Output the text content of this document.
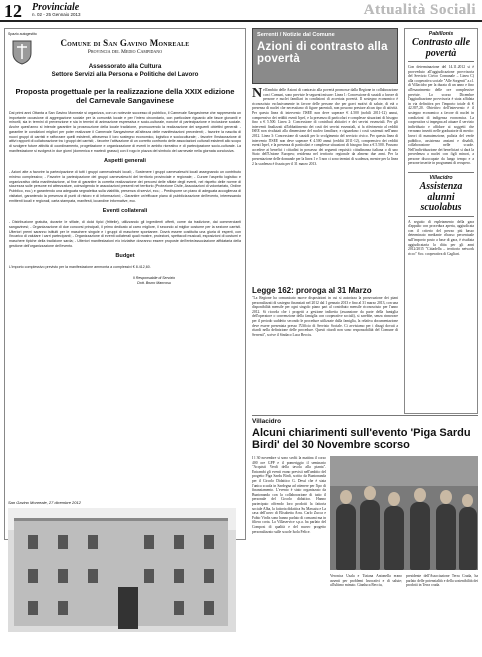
12 Provinciale
n. 02 - 25 Gennaio 2013	Attualità Sociali
Spazio autogestito
Comune di San Gavino Monreale
Provincia del Medio Campidano
Assessorato alla Cultura
Settore Servizi alla Persona e Politiche del Lavoro
Proposta progettuale per la realizzazione della XXIX edizione del Carnevale Sangavinese
Dai primi anni Ottanta a San Gavino Monreale si organizza, con un notevole successo di pubblico, il Carnevale Sangavinese che rappresenta un importante occasione di aggregazione sociale per la comunità locale e per l'intero circondario, con particolare riguardo alle fasce giovanili e minorili, sia in termini di prevenzione e sia in termini di animazione espressiva e socio-culturale, nonché di partecipazione e inclusione sociale. Anche quest'anno si intende garantire la prosecuzione della locale tradizione, promuovendo la realizzazione dei seguenti obiettivi generali: - garantire le condizioni migliori per poter realizzare il Carnevale Sangavinese all'altezza delle manifestazioni precedenti; - favorire la nascita di nuovi gruppi di carristi e rafforzare quelli esistenti, attraverso il loro sostegno economico, logistico e socioculturale; - favorire l'instaurazione di attivi rapporti di collaborazione tra i gruppi dei carristi; - favorire l'attivazione di un corretto confronto delle associazioni culturali esistenti allo scopo di svolgere future attività di coordinamento, progettazione e organizzazione di eventi in ambito ricreativo e di partecipazione socio-culturale. La manifestazione si svolgerà in due giorni (domenica e martedì grasso) con il rogo in piazza del simbolo del carnevale nella giornata conclusiva.
Aspetti generali
- Azioni atte a favorire la partecipazione di tutti i gruppi carnevaleschi locali; - Sostenere i gruppi carnevaleschi locali assegnando un contributo minimo complessivo; - Favorire la partecipazione dei gruppi carnevaleschi del territorio provinciale e regionale; - Curare l'aspetto logistico e organizzativo della manifestazione, al fine di garantire la corretta realizzazione dei percorsi delle sfilate degli eventi, nel rispetto delle norme di sicurezza sulle persone ed attrezzature, coinvolgendo le associazioni presenti nel territorio (Protezione Civile, Associazioni di volontariato, Ordine Pubblico, ecc.) e garantendo una adeguata segnaletica sulla viabilità, presenza di servizi, ecc.; - Predisporre un piano di adeguata accoglienza di visitatori, garantendo la presenza di punti di ristoro e di informazioni; - Garantire un'efficace piano di pubblicizzazione dell'evento, interessando emittenti locali e regionali, carta stampata, manifesti, locandine informative, ecc.
Eventi collaterali
- Distribuzione gratuita, durante le sfilate, di dolci tipici (frittelle), utilizzando gli ingredienti offerti, come da tradizione, dai commercianti sangavinesi; - Organizzazione di due concorsi principali, il primo dedicato al carro migliore, il secondo al miglior costume per la sezione carristi. Ulteriori premi saranno istituiti per le maschere singole e i gruppi di maschere spontanee. Dovrà essere costituita una giuria di esperti, con l'incarico di valutare i carri partecipanti; - Organizzazione di eventi collaterali quali mostre, proiezioni, spettacoli musicali, esposizioni di costumi e maschere tipiche della tradizione sarda; - Ulteriori manifestazioni e/o iniziative dovranno essere proposte dell'ente/associazione affidataria della gestione dell'organizzazione dell'evento.
Budget
L'importo complessivo previsto per la manifestazione ammonta a complessivi € 8.412,60.
Il Responsabile di Servizio
Dott. Bruno Mancosu
San Gavino Monreale, 27 dicembre 2012
Serrenti / Notizie dal Comune
Azioni di contrasto alla povertà
Nell'ambito delle Azioni di contrasto alla povertà promosse dalla Regione in collaborazione con i Comuni, sono previste le seguenti misure: Linea 1: Concessione di sussidi a favore di persone e nuclei familiari in condizioni di accertata povertà. Il sostegno economico è riconosciuto esclusivamente in favore delle persone che per gravi motivi di salute, di età o presenza di nuclei che necessitano di figure parentali, non possono prestare alcun tipo di attività. Per questa linea di intervento l'ISEE non deve superare € 4.500 (nobili 2011-12) annui, comprensivo dei redditi esenti Irpef, e la presenza di particolari e complesse situazioni di bisogno fino a € 5.500. Linea 2: Concessione di contributi abitativi e dei servizi essenziali. Per gli interventi finalizzati all'abbattimento dei costi dei servizi essenziali, si fa riferimento al redditi ISEE non rivalutati alla dimensione del nucleo familiare, e riguardano i costi sostenuti nell'anno 2012. Linea 3: Concessione di sussidi per lo svolgimento del servizio civico. Per questa linea di intervento l'ISEE non deve superare € 4.500 annui (redditi 2011-12), comprensivo dei redditi esenti Irpef, e la presenza di particolari e complesse situazioni di bisogno fino a € 5.500. Possono accedere ai benefici i cittadini in possesso dei seguenti requisiti: cittadinanza italiana o di uno Stato dell'Unione Europea; residenza nel territorio regionale da almeno due anni. Per la presentazione delle domande per la linea 1 e 3 non ci sono termini di scadenza, mentre per la linea 2 la scadenza è fissata per il 31 marzo 2013.
Legge 162: proroga al 31 Marzo
"La Regione ha comunicato nuove disposizioni in cui si autorizza la prosecuzione dei piani personalizzati di sostegno finanziati nel 2012 dal 1 gennaio 2013 e fino al 31 marzo 2013, con una disponibilità mensile per ogni singolo piano pari al contributo mensile riconosciuto per l'anno 2012. Si ricorda che i progetti a gestione indiretta (assunzione da parte della famiglia dell'operatore o convenzione della famiglia con cooperative sociali), si sarebbe, senza rinnovare per il periodo suddetto secondo le procedure utilizzate dalla famiglia, la relativa documentazione deve essere presentata presso l'Ufficio di Servizio Sociale. Ci avvisiamo per i disagi dovuti a ritardi nella definizione delle procedure. Questi ritardi non sono responsabilità del Comune di Serrenti", scrive il Sindaco Luca Becciu.
Pabillonis
Contrasto alle povertà
Con determinazione del 14.11.2012 si è provveduto all'aggiudicazione provvisoria del Servizio Civico Comunale – Linea C) alla cooperativa sociale "Alle Sorgenti" a.r.l. di Villacidro per la durata di un anno e fino all'esaurimento delle ore complessive previste. Lo scorso Dicembre l'aggiudicazione provvisoria è stata affidata in via definitiva per l'importo totale di € 42.397,20. Obiettivo dell'intervento è il sostegno economico a favore di nuclei in condizioni di indigenza economica. La cooperativa si impegna ad attuare il servizio individuato e affidare ai soggetti che verranno inseriti nelle graduatorie di merito: lavori di manutenzione, pulizia del verde pubblico, assistenza anziani e disabili, collaborazione nelle scuole. Nell'individuazione dei beneficiari si darà la precedenza a nuclei con figli minori, a persone disoccupate da lungo tempo e a persone inserite in programmi di recupero.
Villacidro
Assistenza alunni scuolabus
A seguito di espletamento della gara d'appalto con procedura aperta, aggiudicata con il criterio del prezzo più basso determinato mediante ribasso percentuale sull'importo posto a base di gara, è risultata aggiudicataria la ditta per gli anni 2012/2015 "Cittadella – territorio network ricco" Soc. cooperativa di Cagliari.
Villacidro
Alcuni chiarimenti sull'evento 'Piga Sardu Birdi' del 30 Novembre scorso
I l 30 novembre si sono svolti la mattina il corso 400 ore GPP e il pomeriggio il seminario "Acquisti Verdi della tavola alla pianta". Entrambi gli eventi erano previsti nell'ambito del progetto Piga Sardu Birdi, scritto da Buntonanda per il Circolo Didattico G. Dessì che è stata l'unica scuola in Sardegna ad ottenere per l'ipo di finanziamento. L'evento è stato organizzato da Buntonanda con la collaborazione di tutto il personale del Circolo didattico. Hanno partecipato offrendo loro prodotti la fattoria sociale Alba, la fattoria didattica Su Massaiu e La casa dell'uovo di Elisabetta Arru. Carlo Zucca e Fabio Virdis sono hanno parlato di consumi ma in filiera corta. La Villaservice s.p.a. ha parlato del Compost di qualità e del nuovo progetto personalizzato sulle scuole Isola Felice.
Veronica Usala e Tiziana Antonella erano assenti per problemi lavorativi e di salute; all'ultimo minuto. Gianluca Becciu,
presidente dell'Associazione Terra Cruda, ha parlato delle potenzialità e della sostenibilità dei prodotti in Terra cruda.
